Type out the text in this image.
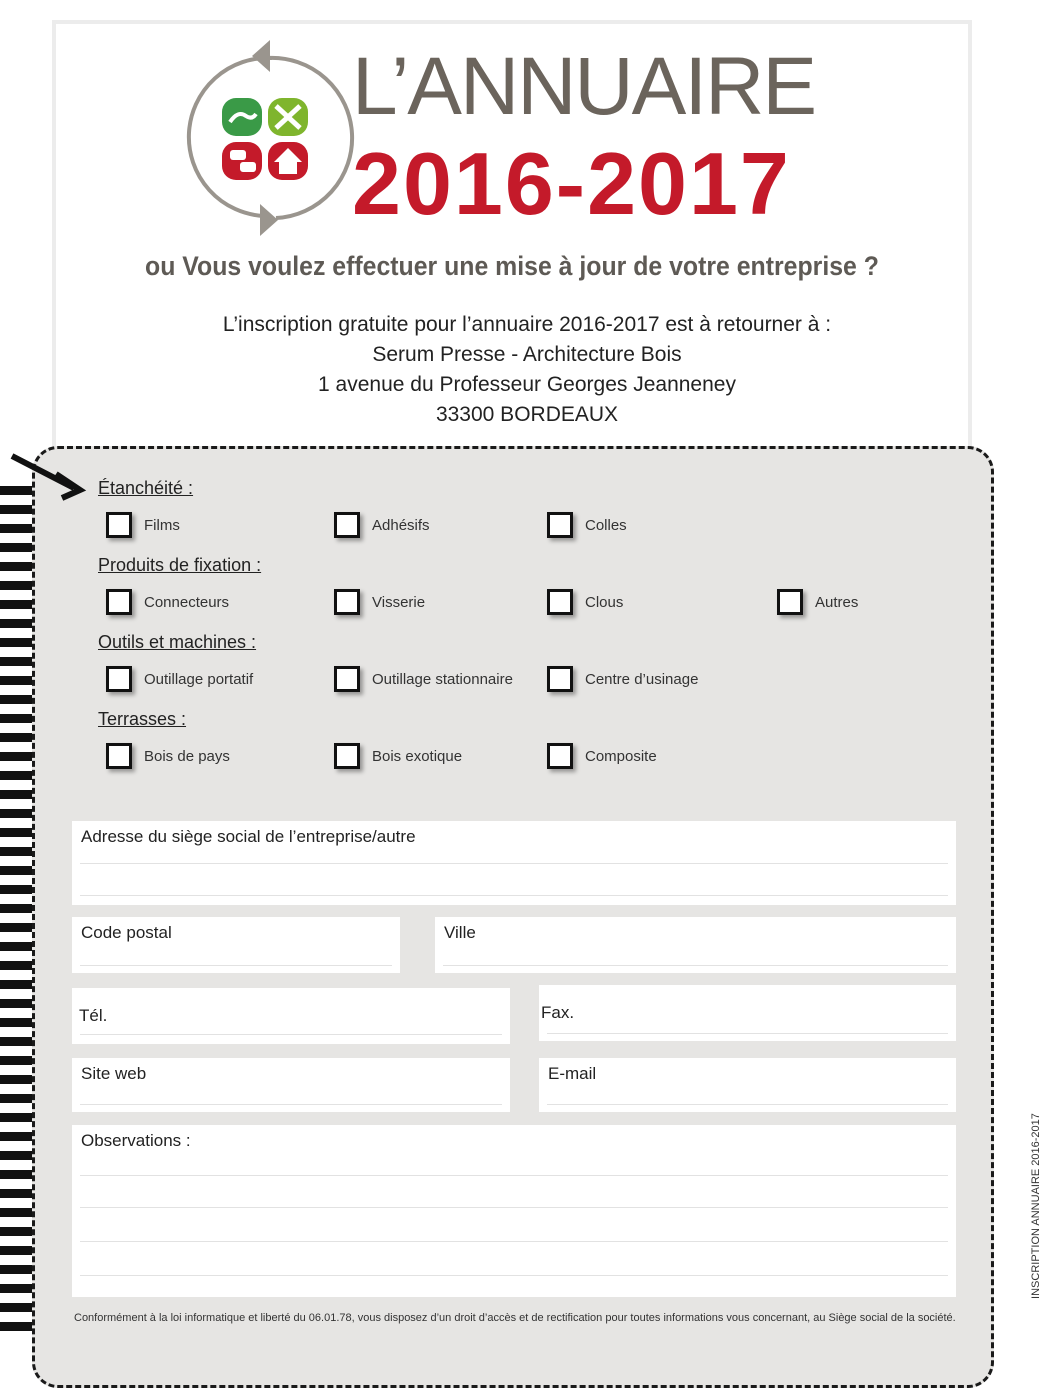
L’ANNUAIRE
2016-2017
ou Vous voulez effectuer une mise à jour de votre entreprise ?
L’inscription gratuite pour l’annuaire 2016-2017 est à retourner à :
Serum Presse - Architecture Bois
1 avenue du Professeur Georges Jeanneney
33300 BORDEAUX
Étanchéité :
Films	Adhésifs	Colles
Produits de fixation :
Connecteurs	Visserie	Clous	Autres
Outils et machines :
Outillage portatif	Outillage stationnaire	Centre d’usinage
Terrasses :
Bois de pays	Bois exotique	Composite
Adresse du siège social de l’entreprise/autre
Code postal	Ville
Tél.	Fax.
Site web	E-mail
Observations :
Conformément à la loi informatique et liberté du 06.01.78, vous disposez d’un droit d’accès et de rectification pour toutes informations vous concernant, au Siège social de la société.
INSCRIPTION ANNUAIRE 2016-2017
